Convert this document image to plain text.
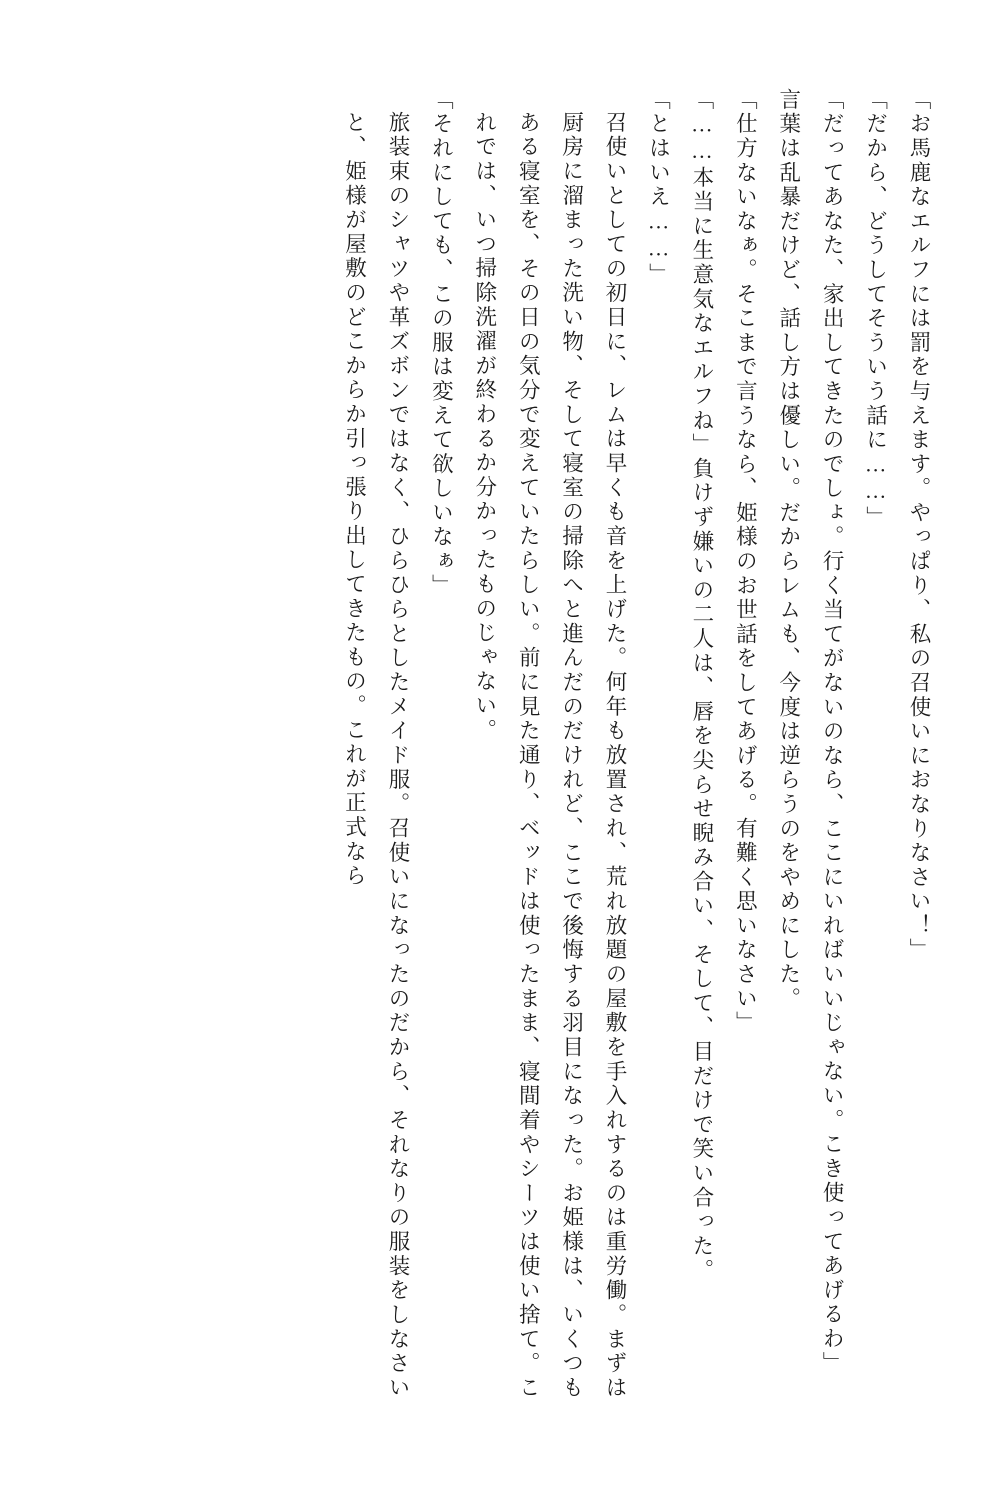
「お馬鹿なエルフには罰を与えます。やっぱり、私の召使いにおなりなさい！」

「だから、どうしてそういう話に……」

「だってあなた、家出してきたのでしょ。行く当てがないのなら、ここにいればいいじゃない。こき使ってあげるわ」

言葉は乱暴だけど、話し方は優しい。だからレムも、今度は逆らうのをやめにした。

「仕方ないなぁ。そこまで言うなら、姫様のお世話をしてあげる。有難く思いなさい」

「……本当に生意気なエルフね」

負けず嫌いの二人は、唇を尖らせ睨み合い、そして、目だけで笑い合った。

「とはいえ……」

召使いとしての初日に、レムは早くも音を上げた。何年も放置され、荒れ放題の屋敷を手入れするのは重労働。まずは厨房に溜まった洗い物、そして寝室の掃除へと進んだのだけれど、ここで後悔する羽目になった。お姫様は、いくつもある寝室を、その日の気分で変えていたらしい。前に見た通り、ベッドは使ったまま、寝間着やシーツは使い捨て。これでは、いつ掃除洗濯が終わるか分かったものじゃない。

「それにしても、この服は変えて欲しいなぁ」

旅装束のシャツや革ズボンではなく、ひらひらとしたメイド服。召使いになったのだから、それなりの服装をしなさいと、姫様が屋敷のどこからか引っ張り出してきたもの。これが正式なら
